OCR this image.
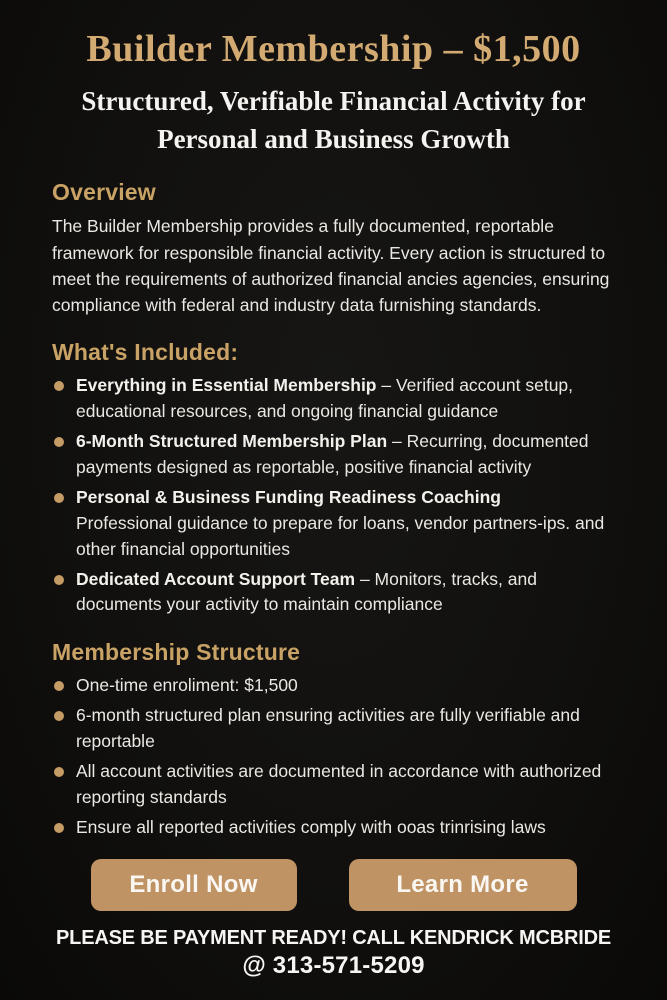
Builder Membership – $1,500
Structured, Verifiable Financial Activity for Personal and Business Growth
Overview

The Builder Membership provides a fully documented, reportable framework for responsible financial activity. Every action is structured to meet the requirements of authorized financial ancies agencies, ensuring compliance with federal and industry data furnishing standards.

What's Included:
Everything in Essential Membership – Verified account setup, educational resources, and ongoing financial guidance
6-Month Structured Membership Plan – Recurring, documented payments designed as reportable, positive financial activity
Personal & Business Funding Readiness Coaching
Professional guidance to prepare for loans, vendor partners-ips. and other financial opportunities
Dedicated Account Support Team – Monitors, tracks, and documents your activity to maintain compliance
Membership Structure
One-time enroliment: $1,500
6-month structured plan ensuring activities are fully verifiable and reportable
All account activities are documented in accordance with authorized reporting standards
Ensure all reported activities comply with ooas trinrising laws
Enroll Now	Learn More
PLEASE BE PAYMENT READY! CALL KENDRICK MCBRIDE
@ 313-571-5209
